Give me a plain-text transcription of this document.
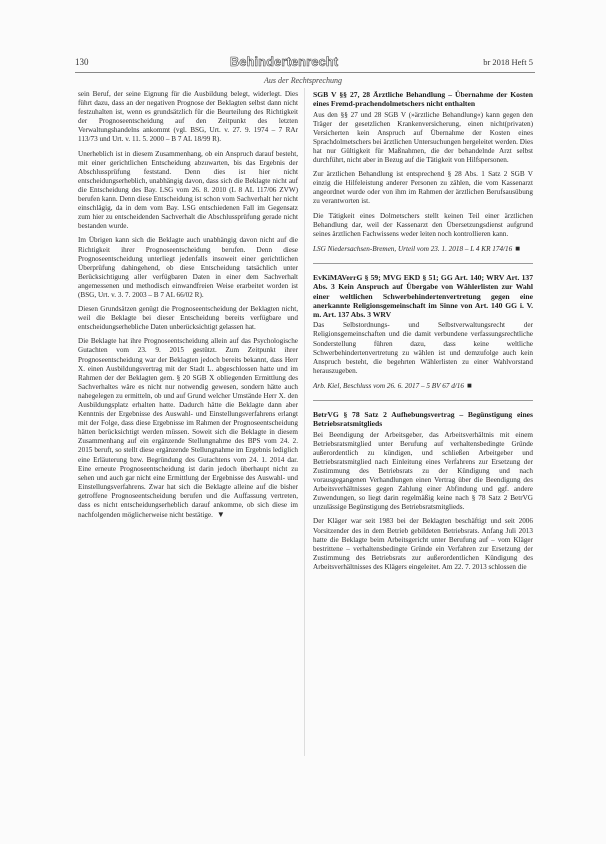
130	Behindertenrecht	br 2018 Heft 5
Aus der Rechtsprechung

sein Beruf, der seine Eignung für die Ausbildung belegt, widerlegt. Dies führt dazu, dass an der negativen Prognose der Beklagten selbst dann nicht festzuhalten ist, wenn es grundsätzlich für die Beurteilung des Richtigkeit der Prognoseentscheidung auf den Zeitpunkt des letzten Verwaltungshandelns ankommt (vgl. BSG, Urt. v. 27. 9. 1974 – 7 RAr 113/73 und Urt. v. 11. 5. 2000 – B 7 AL 18/99 R).

Unerheblich ist in diesem Zusammenhang, ob ein Anspruch darauf besteht, mit einer gerichtlichen Entscheidung abzuwarten, bis das Ergebnis der Abschlussprüfung feststand. Denn dies ist hier nicht entscheidungserheblich, unabhängig davon, dass sich die Beklagte nicht auf die Entscheidung des Bay. LSG vom 26. 8. 2010 (L 8 AL 117/06 ZVW) berufen kann. Denn diese Entscheidung ist schon vom Sachverhalt her nicht einschlägig, da in dem vom Bay. LSG entschiedenen Fall im Gegensatz zum hier zu entscheidenden Sachverhalt die Abschlussprüfung gerade nicht bestanden wurde.

Im Übrigen kann sich die Beklagte auch unabhängig davon nicht auf die Richtigkeit ihrer Prognoseentscheidung berufen. Denn diese Prognoseentscheidung unterliegt jedenfalls insoweit einer gerichtlichen Überprüfung dahingehend, ob diese Entscheidung tatsächlich unter Berücksichtigung aller verfügbaren Daten in einer dem Sachverhalt angemessenen und methodisch einwandfreien Weise erarbeitet worden ist (BSG, Urt. v. 3. 7. 2003 – B 7 AL 66/02 R).

Diesen Grundsätzen genügt die Prognoseentscheidung der Beklagten nicht, weil die Beklagte bei dieser Entscheidung bereits verfügbare und entscheidungserhebliche Daten unberücksichtigt gelassen hat.

Die Beklagte hat ihre Prognoseentscheidung allein auf das Psychologische Gutachten vom 23. 9. 2015 gestützt. Zum Zeitpunkt ihrer Prognoseentscheidung war der Beklagten jedoch bereits bekannt, dass Herr X. einen Ausbildungsvertrag mit der Stadt L. abgeschlossen hatte und im Rahmen der der Beklagten gem. § 20 SGB X obliegenden Ermittlung des Sachverhaltes wäre es nicht nur notwendig gewesen, sondern hätte auch nahegelegen zu ermitteln, ob und auf Grund welcher Umstände Herr X. den Ausbildungsplatz erhalten hatte. Dadurch hätte die Beklagte dann aber Kenntnis der Ergebnisse des Auswahl- und Einstellungsverfahrens erlangt mit der Folge, dass diese Ergebnisse im Rahmen der Prognoseentscheidung hätten berücksichtigt werden müssen. Soweit sich die Beklagte in diesem Zusammenhang auf ein ergänzende Stellungnahme des BPS vom 24. 2. 2015 beruft, so stellt diese ergänzende Stellungnahme im Ergebnis lediglich eine Erläuterung bzw. Begründung des Gutachtens vom 24. 1. 2014 dar. Eine erneute Prognoseentscheidung ist darin jedoch überhaupt nicht zu sehen und auch gar nicht eine Ermittlung der Ergebnisse des Auswahl- und Einstellungsverfahrens. Zwar hat sich die Beklagte alleine auf die bisher getroffene Prognoseentscheidung berufen und die Auffassung vertreten, dass es nicht entscheidungserheblich darauf ankomme, ob sich diese im nachfolgenden möglicherweise nicht bestätige. ▼

SGB V §§ 27, 28 Ärztliche Behandlung – Übernahme der Kosten eines Fremd-prachendolmetschers nicht enthalten

Aus den §§ 27 und 28 SGB V (»ärztliche Behandlung«) kann gegen den Träger der gesetzlichen Krankenversicherung, einen nicht(privaten) Versicherten kein Anspruch auf Übernahme der Kosten eines Sprachdolmetschers bei ärztlichen Untersuchungen hergeleitet werden. Dies hat nur Gültigkeit für Maßnahmen, die der behandelnde Arzt selbst durchführt, nicht aber in Bezug auf die Tätigkeit von Hilfspersonen.

Zur ärztlichen Behandlung ist entsprechend § 28 Abs. 1 Satz 2 SGB V einzig die Hilfeleistung anderer Personen zu zählen, die vom Kassenarzt angeordnet wurde oder von ihm im Rahmen der ärztlichen Berufsausübung zu verantworten ist.

Die Tätigkeit eines Dolmetschers stellt keinen Teil einer ärztlichen Behandlung dar, weil der Kassenarzt den Übersetzungsdienst aufgrund seines ärztlichen Fachwissens weder leiten noch kontrollieren kann.

LSG Niedersachsen-Bremen, Urteil vom 23. 1. 2018 – L 4 KR 174/16 ■
EvKiMAVerrG § 59; MVG EKD § 51; GG Art. 140; WRV Art. 137 Abs. 3 Kein Anspruch auf Übergabe von Wählerlisten zur Wahl einer weltlichen Schwerbehindertenvertretung gegen eine anerkannte Religionsgemeinschaft im Sinne von Art. 140 GG i. V. m. Art. 137 Abs. 3 WRV

Das Selbstordnungs- und Selbstverwaltungsrecht der Religionsgemeinschaften und die damit verbundene verfassungsrechtliche Sonderstellung führen dazu, dass keine weltliche Schwerbehindertenvertretung zu wählen ist und demzufolge auch kein Anspruch besteht, die begehrten Wählerlisten zu einer Wahlvorstand herauszugeben.

Arb. Kiel, Beschluss vom 26. 6. 2017 – 5 BV 67 d/16 ■
BetrVG § 78 Satz 2 Aufhebungsvertrag – Begünstigung eines Betriebsratsmitglieds

Bei Beendigung der Arbeitsgeber, das Arbeitsverhältnis mit einem Betriebsratsmitglied unter Berufung auf verhaltensbedingte Gründe außerordentlich zu kündigen, und schließen Arbeitgeber und Betriebsratsmitglied nach Einleitung eines Verfahrens zur Ersetzung der Zustimmung des Betriebsrats zu der Kündigung und nach vorausgegangenen Verhandlungen einen Vertrag über die Beendigung des Arbeitsverhältnisses gegen Zahlung einer Abfindung und ggf. andere Zuwendungen, so liegt darin regelmäßig keine nach § 78 Satz 2 BetrVG unzulässige Begünstigung des Betriebsratsmitglieds.

Der Kläger war seit 1983 bei der Beklagten beschäftigt und seit 2006 Vorsitzender des in dem Betrieb gebildeten Betriebsrats. Anfang Juli 2013 hatte die Beklagte beim Arbeitsgericht unter Berufung auf – vom Kläger bestrittene – verhaltensbedingte Gründe ein Verfahren zur Ersetzung der Zustimmung des Betriebsrats zur außerordentlichen Kündigung des Arbeitsverhältnisses des Klägers eingeleitet. Am 22. 7. 2013 schlossen die
